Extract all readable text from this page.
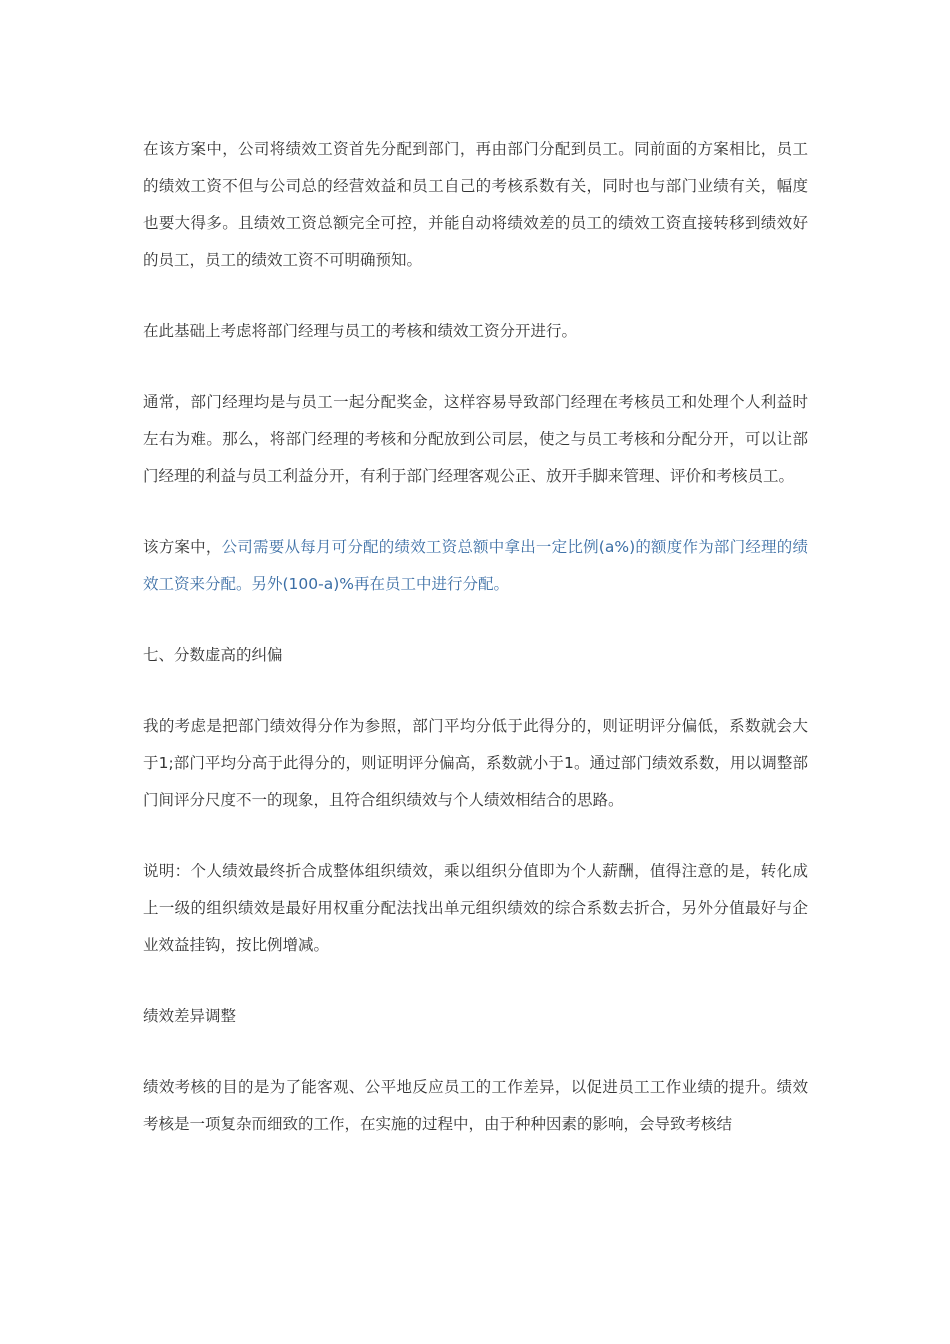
在该方案中，公司将绩效工资首先分配到部门，再由部门分配到员工。同前面的方案相比，员工的绩效工资不但与公司总的经营效益和员工自己的考核系数有关，同时也与部门业绩有关，幅度也要大得多。且绩效工资总额完全可控，并能自动将绩效差的员工的绩效工资直接转移到绩效好的员工，员工的绩效工资不可明确预知。

在此基础上考虑将部门经理与员工的考核和绩效工资分开进行。

通常，部门经理均是与员工一起分配奖金，这样容易导致部门经理在考核员工和处理个人利益时左右为难。那么，将部门经理的考核和分配放到公司层，使之与员工考核和分配分开，可以让部门经理的利益与员工利益分开，有利于部门经理客观公正、放开手脚来管理、评价和考核员工。

该方案中，公司需要从每月可分配的绩效工资总额中拿出一定比例(a%)的额度作为部门经理的绩效工资来分配。另外(100-a)%再在员工中进行分配。

七、分数虚高的纠偏

我的考虑是把部门绩效得分作为参照，部门平均分低于此得分的，则证明评分偏低，系数就会大于1;部门平均分高于此得分的，则证明评分偏高，系数就小于1。通过部门绩效系数，用以调整部门间评分尺度不一的现象，且符合组织绩效与个人绩效相结合的思路。

说明：个人绩效最终折合成整体组织绩效，乘以组织分值即为个人薪酬，值得注意的是，转化成上一级的组织绩效是最好用权重分配法找出单元组织绩效的综合系数去折合，另外分值最好与企业效益挂钩，按比例增减。

绩效差异调整

绩效考核的目的是为了能客观、公平地反应员工的工作差异，以促进员工工作业绩的提升。绩效考核是一项复杂而细致的工作，在实施的过程中，由于种种因素的影响，会导致考核结
